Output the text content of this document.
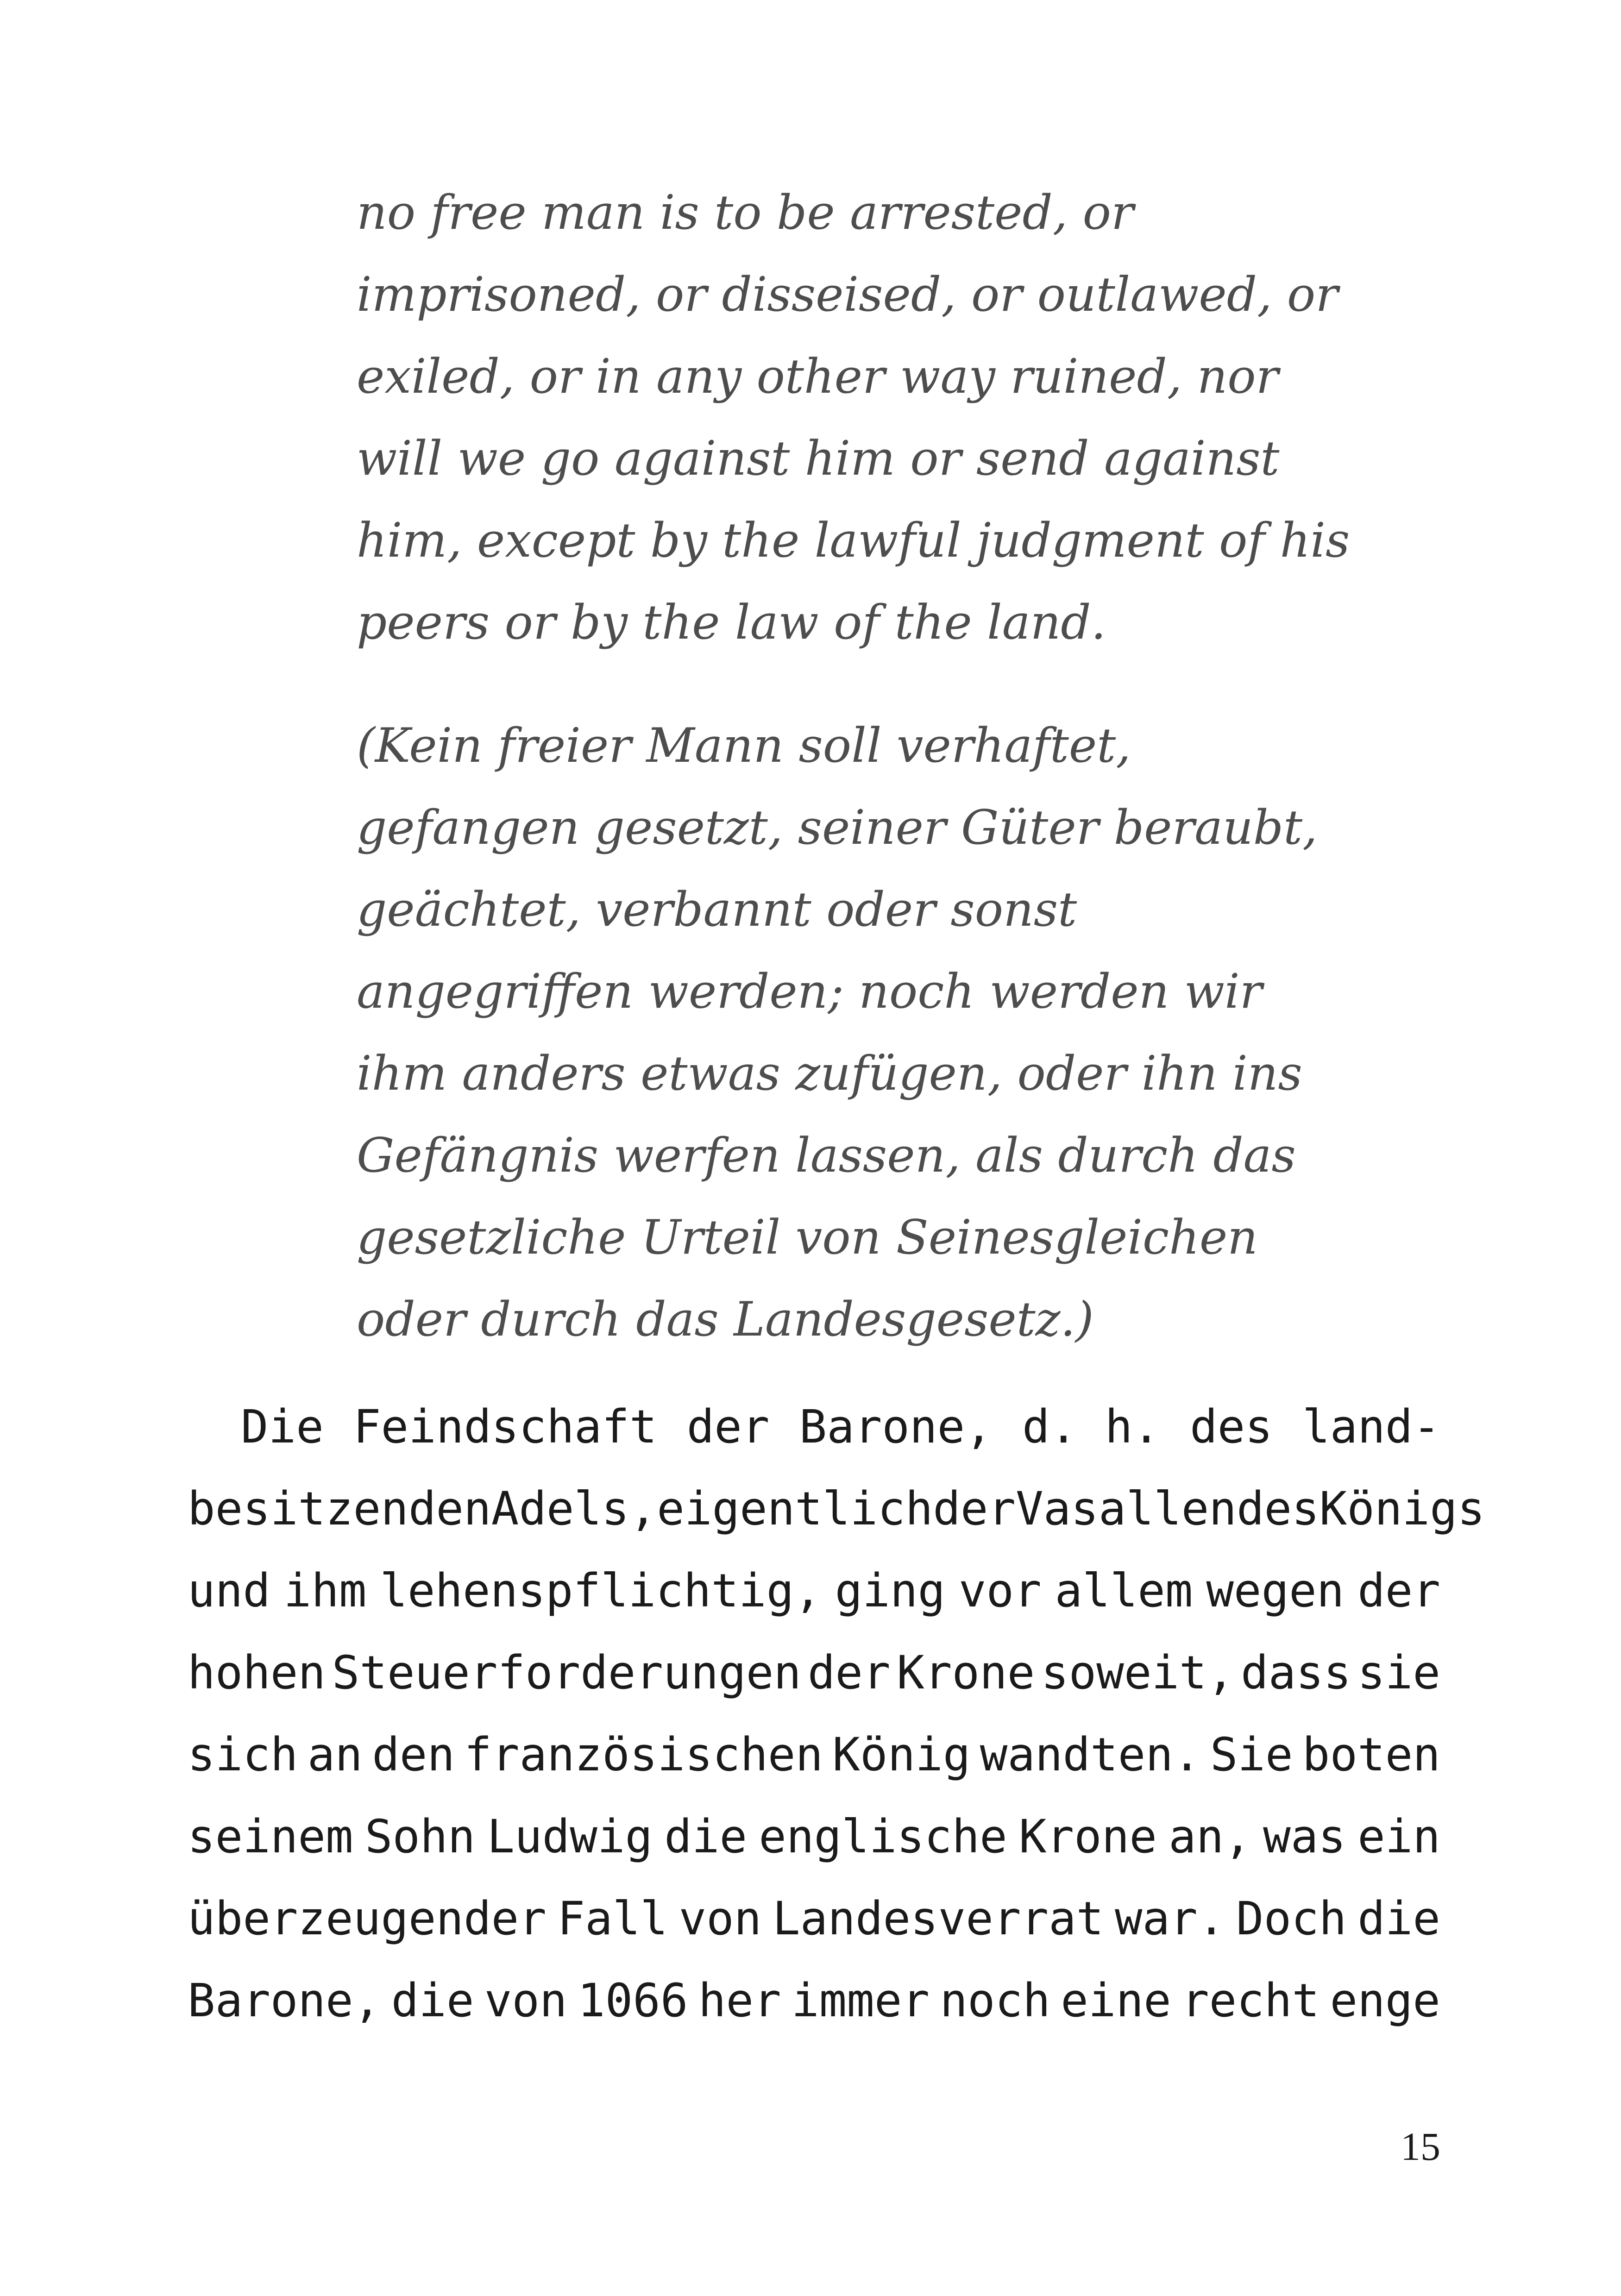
no free man is to be arrested, or
imprisoned, or disseised, or outlawed, or
exiled, or in any other way ruined, nor
will we go against him or send against
him, except by the lawful judgment of his
peers or by the law of the land.
(Kein freier Mann soll verhaftet,
gefangen gesetzt, seiner Güter beraubt,
geächtet, verbannt oder sonst
angegriffen werden; noch werden wir
ihm anders etwas zufügen, oder ihn ins
Gefängnis werfen lassen, als durch das
gesetzliche Urteil von Seinesgleichen
oder durch das Landesgesetz.)
Die Feindschaft der Barone, d. h. des land-
besitzenden Adels, eigentlich der Vasallen des Königs
und ihm lehenspflichtig, ging vor allem wegen der
hohen Steuerforderungen der Krone soweit, dass sie
sich an den französischen König wandten. Sie boten
seinem Sohn Ludwig die englische Krone an, was ein
überzeugender Fall von Landesverrat war. Doch die
Barone, die von 1066 her immer noch eine recht enge
15
